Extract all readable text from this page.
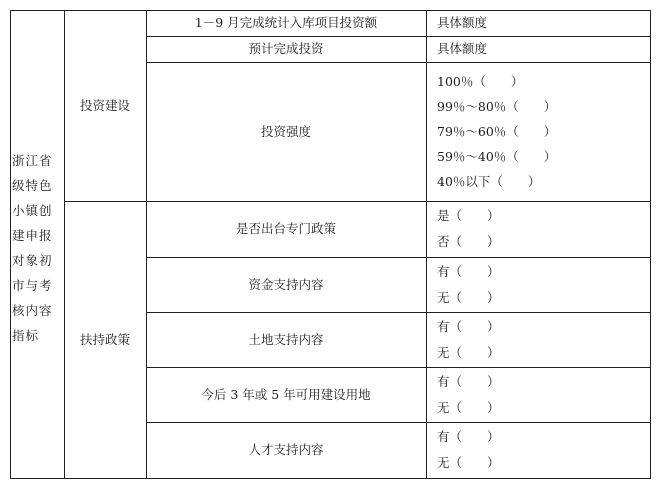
浙江省级特色小镇创建申报对象初市与考核内容指标
投资建设
扶持政策
1－9 月完成统计入库项目投资额	具体额度
预计完成投资	具体额度
投资强度
100％（　　）
99％～80％（　　）
79％～60％（　　）
59％～40％（　　）
40％以下（　　）
是否出台专门政策
是（　　）
否（　　）
资金支持内容
有（　　）
无（　　）
土地支持内容
有（　　）
无（　　）
今后 3 年或 5 年可用建设用地
有（　　）
无（　　）
人才支持内容
有（　　）
无（　　）
